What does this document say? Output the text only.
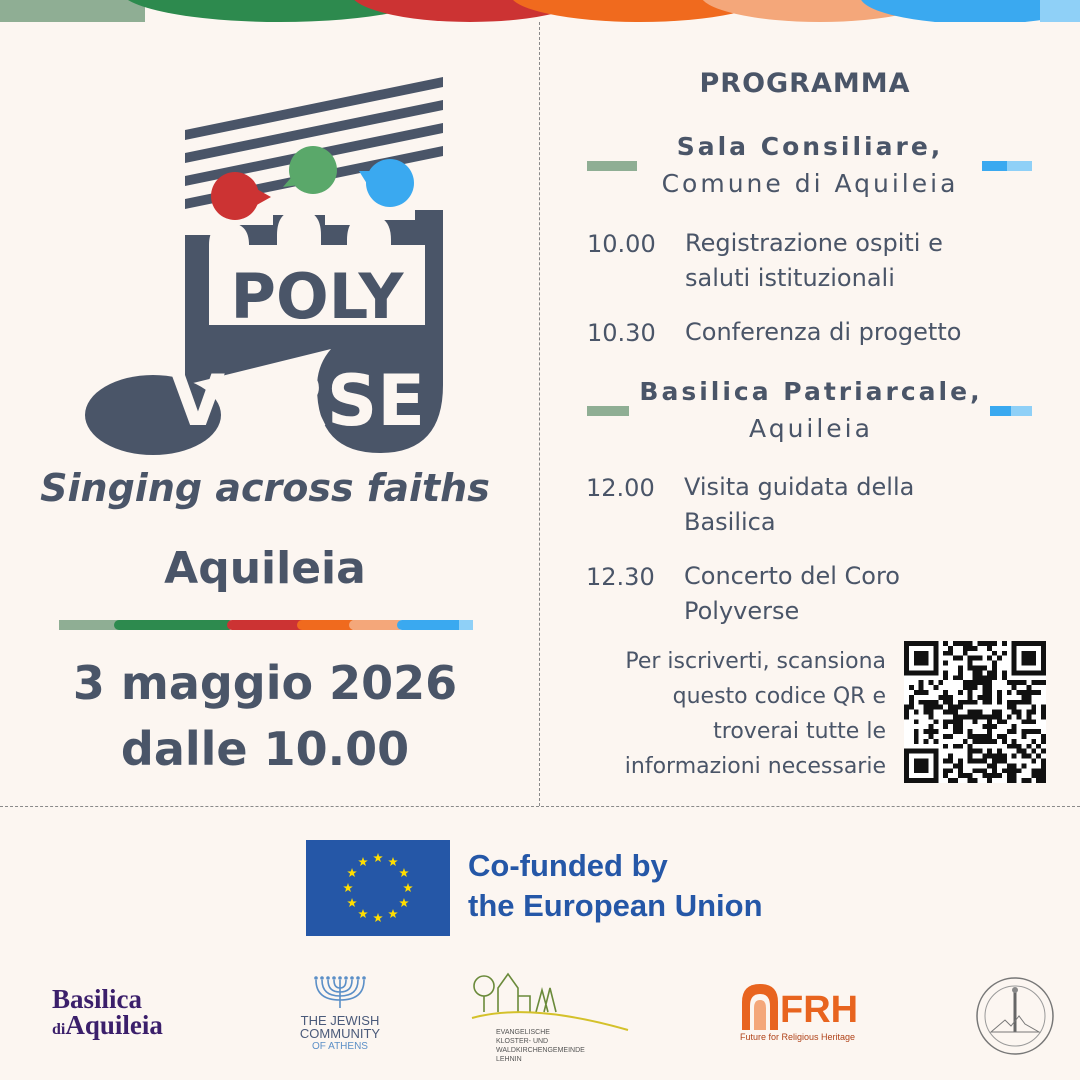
POLY
VERSE
Singing across faiths
Aquileia
3 maggio 2026
dalle 10.00
PROGRAMMA
Sala Consiliare,
Comune di Aquileia
10.00 Registrazione ospiti e
saluti istituzionali
10.30 Conferenza di progetto
Basilica Patriarcale,
Aquileia
12.00 Visita guidata della
Basilica
12.30 Concerto del Coro
Polyverse
Per iscriverti, scansiona
questo codice QR e
troverai tutte le
informazioni necessarie
Co-funded by
the European Union
Basilica
diAquileia	THE JEWISH
COMMUNITY
OF ATHENS
EVANGELISCHE
KLOSTER- UND WALDKIRCHENGEMEINDE
LEHNIN
FRH
Future for Religious Heritage
